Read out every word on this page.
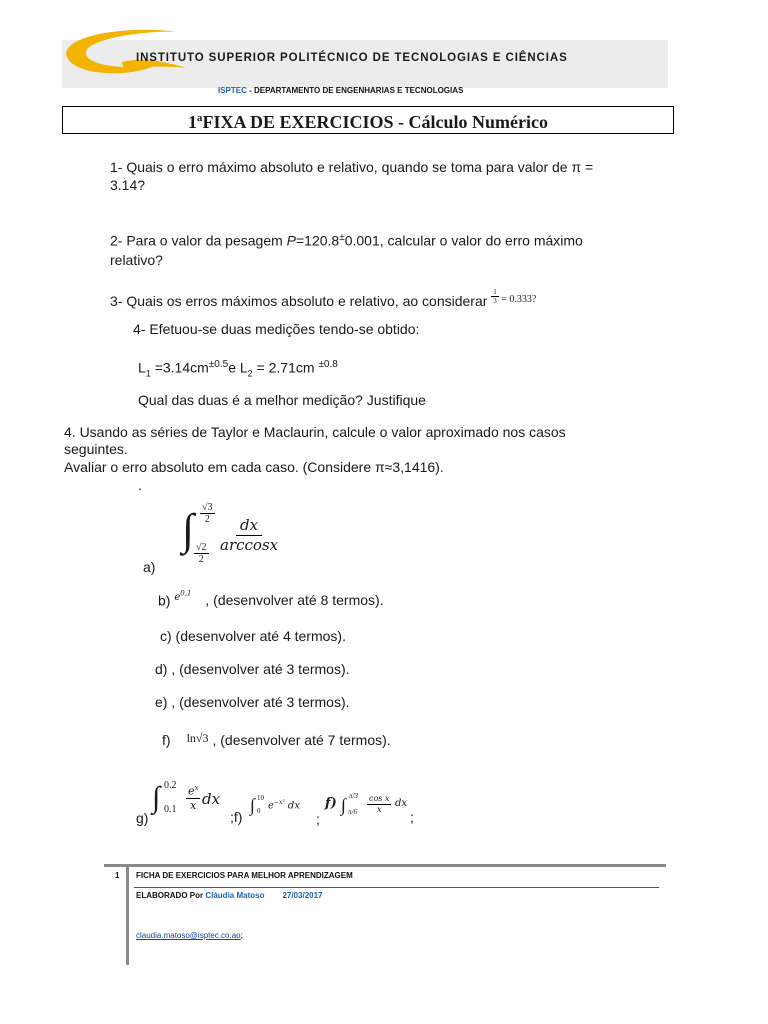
INSTITUTO SUPERIOR POLITÉCNICO DE TECNOLOGIAS E CIÊNCIAS
ISPTEC - DEPARTAMENTO DE ENGENHARIAS E TECNOLOGIAS
1ªFIXA DE EXERCICIOS - Cálculo Numérico
1- Quais o erro máximo absoluto e relativo, quando se toma para valor de π =
3.14?
2- Para o valor da pesagem P=120.8±0.001, calcular o valor do erro máximo
relativo?
3- Quais os erros máximos absoluto e relativo, ao considerar $\frac{1}{3} ^{= 0.333?}$
4- Efetuou-se duas medições tendo-se obtido:
$L_1 =3.14cm^{\pm 0.5}e$ $L_2 = 2.71cm$ $^{\pm 0.8}$
Qual das duas é a melhor medição? Justifique
4. Usando as séries de Taylor e Maclaurin, calcule o valor aproximado nos casos
seguintes.
Avaliar o erro absoluto em cada caso. (Considere π≈3,1416).
.
∫ $\frac{√3}{2}$
$\frac{√2}{2} \frac{dx}{\arccos x}$
a)
b) $^{e^{0,1}}$ , (desenvolver até 8 termos).
c) (desenvolver até 4 termos).
d) , (desenvolver até 3 termos).
e) , (desenvolver até 3 termos).
f) ln√3 , (desenvolver até 7 termos).
g)
∫ 0.2
$0.1 \frac{e^x}{x}$ dx
;f)
∫ 10
0 $e^{-x^2}$ dx
;
f) ∫ π/3
$\pi/6 \frac{\text{cos x}}{x}$ dx
;
1 FICHA DE EXERCICIOS PARA MELHOR APRENDIZAGEM
ELABORADO Por Cláudia Matoso 27/03/2017
claudia.matoso@isptec.co.ao;
